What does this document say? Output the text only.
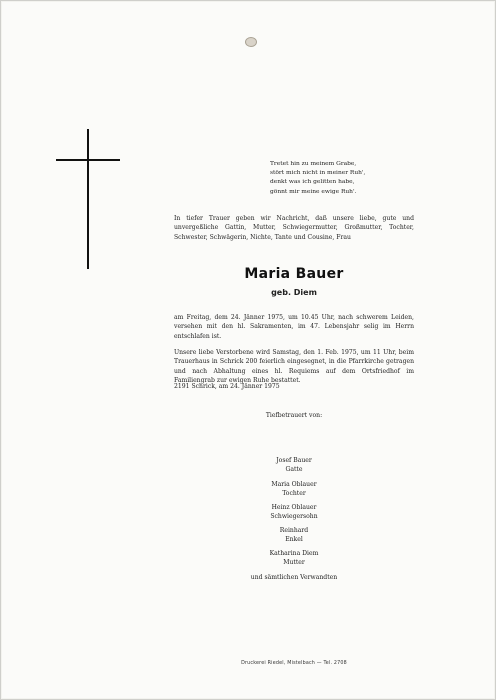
Tretet hin zu meinem Grabe,
stört mich nicht in meiner Ruh',
denkt was ich gelitten habe,
gönnt mir meine ewige Ruh'.
In tiefer Trauer geben wir Nachricht, daß unsere liebe, gute und unvergeßliche Gattin, Mutter, Schwiegermutter, Großmutter, Tochter, Schwester, Schwägerin, Nichte, Tante und Cousine, Frau
Maria Bauer
geb. Diem
am Freitag, dem 24. Jänner 1975, um 10.45 Uhr, nach schwerem Leiden, versehen mit den hl. Sakramenten, im 47. Lebensjahr selig im Herrn entschlafen ist.
Unsere liebe Verstorbene wird Samstag, den 1. Feb. 1975, um 11 Uhr, beim Trauerhaus in Schrick 200 feierlich eingesegnet, in die Pfarrkirche getragen und nach Abhaltung eines hl. Requiems auf dem Ortsfriedhof im Familiengrab zur ewigen Ruhe bestattet.
2191 Schrick, am 24. Jänner 1975
Tiefbetrauert von:
Josef Bauer
Gatte
Maria Oblauer
Tochter
Heinz Oblauer
Schwiegersohn
Reinhard
Enkel
Katharina Diem
Mutter
und sämtlichen Verwandten
Druckerei Riedel, Mistelbach — Tel. 2708
